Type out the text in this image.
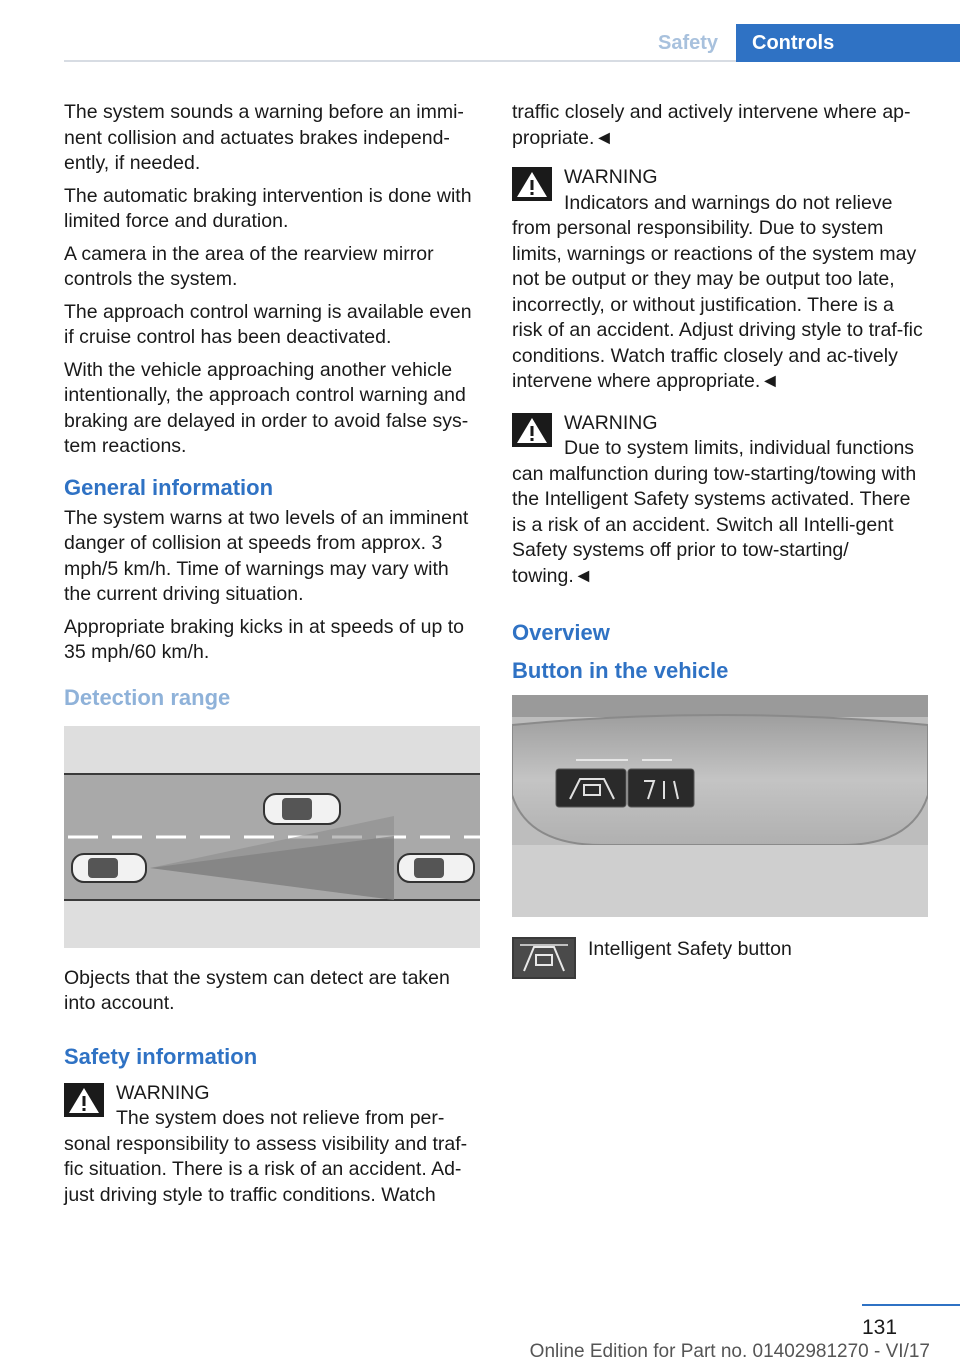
Safety	Controls

The system sounds a warning before an immi-nent collision and actuates brakes independ-ently, if needed.

The automatic braking intervention is done with limited force and duration.

A camera in the area of the rearview mirror controls the system.

The approach control warning is available even if cruise control has been deactivated.

With the vehicle approaching another vehicle intentionally, the approach control warning and braking are delayed in order to avoid false sys-tem reactions.

General information

The system warns at two levels of an imminent danger of collision at speeds from approx. 3 mph/5 km/h. Time of warnings may vary with the current driving situation.

Appropriate braking kicks in at speeds of up to 35 mph/60 km/h.

Detection range

Objects that the system can detect are taken into account.

Safety information
WARNING
The system does not relieve from per-sonal responsibility to assess visibility and traf-fic situation. There is a risk of an accident. Ad-just driving style to traffic conditions. Watch

traffic closely and actively intervene where ap-propriate.◄

WARNING
Indicators and warnings do not relieve from personal responsibility. Due to system limits, warnings or reactions of the system may not be output or they may be output too late, incorrectly, or without justification. There is a risk of an accident. Adjust driving style to traf-fic conditions. Watch traffic closely and ac-tively intervene where appropriate.◄
WARNING
Due to system limits, individual functions can malfunction during tow-starting/towing with the Intelligent Safety systems activated. There is a risk of an accident. Switch all Intelli-gent Safety systems off prior to tow-starting/ towing.◄
Overview
Button in the vehicle
Intelligent Safety button
131
Online Edition for Part no. 01402981270 - VI/17
